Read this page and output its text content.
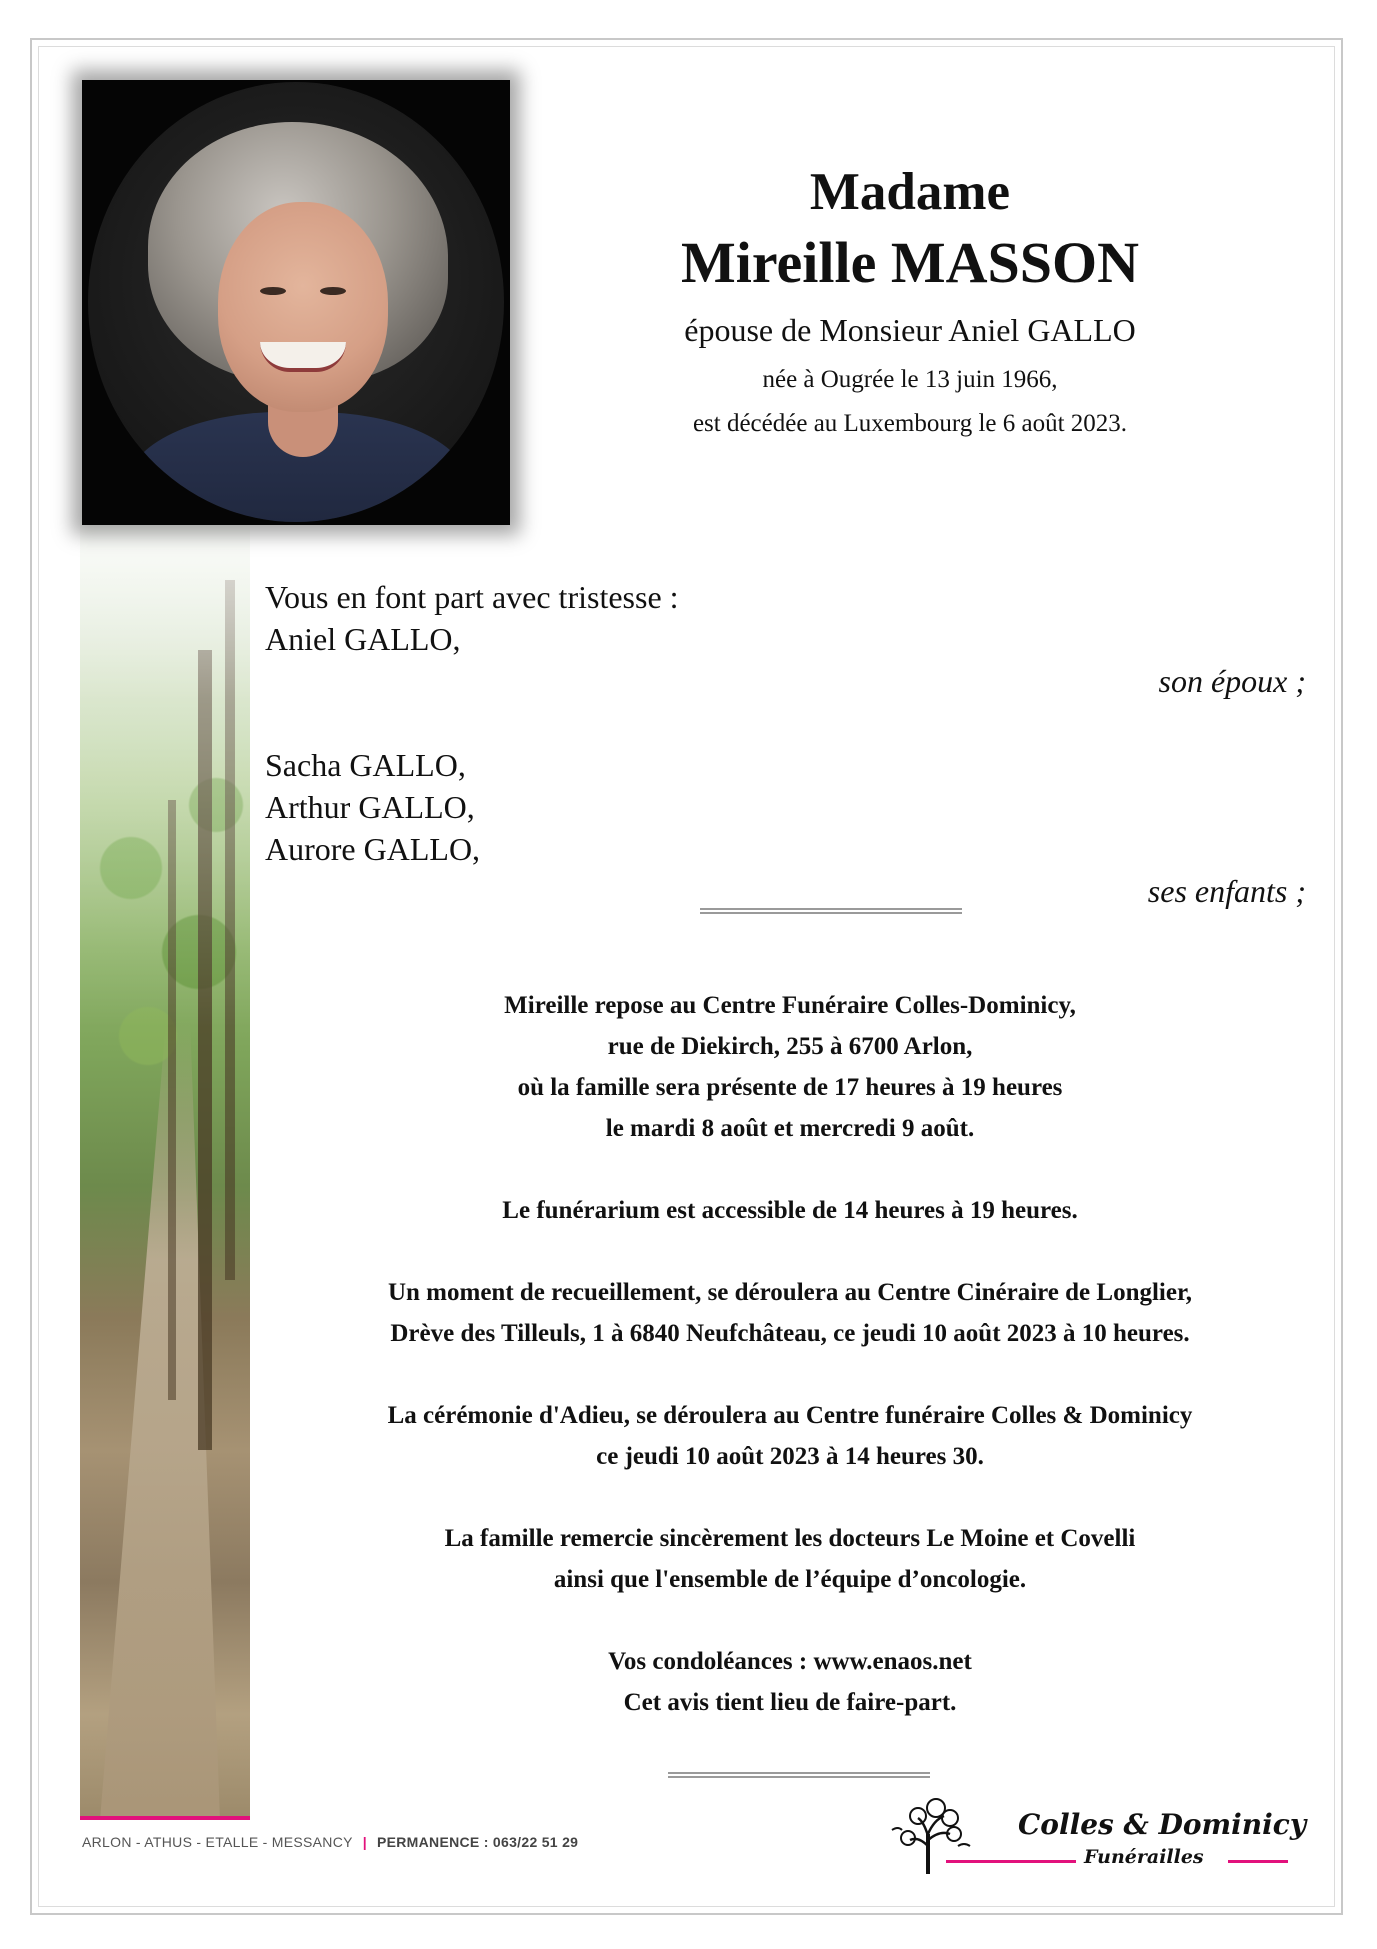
Madame
Mireille MASSON
épouse de Monsieur Aniel GALLO
née à Ougrée le 13 juin 1966,
est décédée au Luxembourg le 6 août 2023.
Vous en font part avec tristesse :
Aniel GALLO,
son époux ;
Sacha GALLO,
Arthur GALLO,
Aurore GALLO,
ses enfants ;

Mireille repose au Centre Funéraire Colles-Dominicy,
rue de Diekirch, 255 à 6700 Arlon,
où la famille sera présente de 17 heures à 19 heures
le mardi 8 août et mercredi 9 août.

Le funérarium est accessible de 14 heures à 19 heures.

Un moment de recueillement, se déroulera au Centre Cinéraire de Longlier,
Drève des Tilleuls, 1 à 6840 Neufchâteau, ce jeudi 10 août 2023 à 10 heures.

La cérémonie d'Adieu, se déroulera au Centre funéraire Colles & Dominicy
ce jeudi 10 août 2023 à 14 heures 30.

La famille remercie sincèrement les docteurs Le Moine et Covelli
ainsi que l'ensemble de l’équipe d’oncologie.

Vos condoléances : www.enaos.net
Cet avis tient lieu de faire-part.

ARLON - ATHUS - ETALLE - MESSANCY | PERMANENCE : 063/22 51 29
Colles & Dominicy
Funérailles
